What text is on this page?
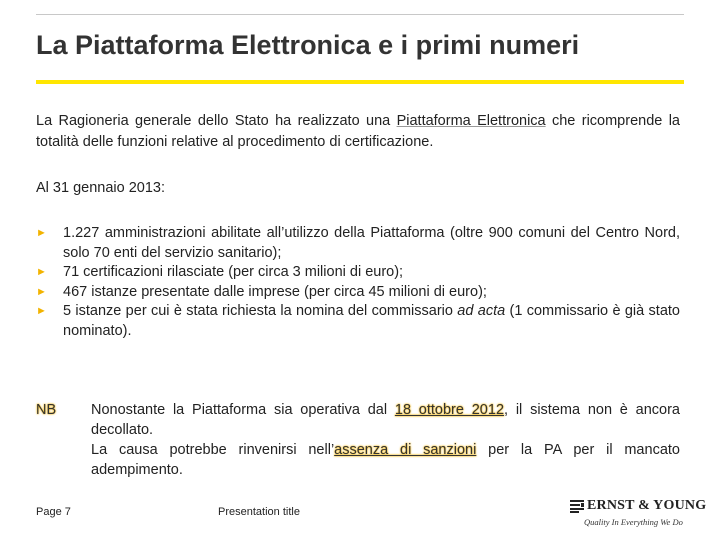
La Piattaforma Elettronica e i primi numeri

La Ragioneria generale dello Stato ha realizzato una Piattaforma Elettronica che ricomprende la totalità delle funzioni relative al procedimento di certificazione.

Al 31 gennaio 2013:

► 1.227 amministrazioni abilitate all’utilizzo della Piattaforma (oltre 900 comuni del Centro Nord, solo 70 enti del servizio sanitario);
► 71 certificazioni rilasciate (per circa 3 milioni di euro);
► 467 istanze presentate dalle imprese (per circa 45 milioni di euro);
► 5 istanze per cui è stata richiesta la nomina del commissario ad acta (1 commissario è già stato nominato).
NB Nonostante la Piattaforma sia operativa dal 18 ottobre 2012, il sistema non è ancora decollato.

La causa potrebbe rinvenirsi nell’assenza di sanzioni per la PA per il mancato adempimento.

Page 7	Presentation title	ERNST & YOUNG
Quality In Everything We Do
